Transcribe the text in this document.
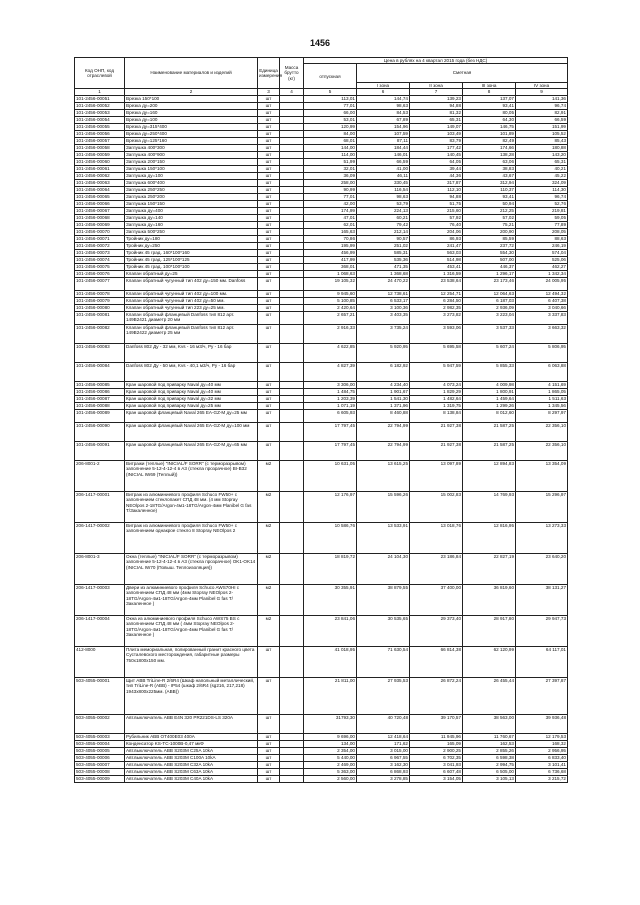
1456
Код ОНП, код отраслевой	Наименование материалов и изделий	Единица измерения	Масса брутто (кг)	Цена в рублях на 4 квартал 2015 года (без НДС)				
				отпускная	Сметная			
					I зона	II зона	III зона	IV зона
1	2	3	4	5	6	7	8	9
101-2456-00051	Врезка 150*100	шт		113,01	144,74	139,23	137,07	141,36
101-2456-00052	Врезка ду=200	шт		77,01	98,63	94,88	93,41	96,74
101-2456-00053	Врезка ду=160	шт		66,00	84,53	81,32	80,05	82,91
101-2456-00054	Врезка ду=100	шт		53,01	67,89	65,31	64,30	66,59
101-2456-00055	Врезка ду=315*400	шт		120,99	154,96	149,07	146,75	151,99
101-2456-00056	Врезка ду=250*400	шт		84,00	107,59	103,49	101,89	105,52
101-2456-00057	Врезка ду=125*160	шт		68,01	87,11	83,79	82,49	85,43
101-2456-00058	Заглушка 400*300	шт		144,00	184,44	177,42	174,66	180,88
101-2456-00059	Заглушка 400*900	шт		114,00	146,01	140,45	138,28	143,20
101-2456-00060	Заглушка 200*150	шт		51,99	66,59	64,05	63,06	65,31
101-2456-00061	Заглушка 150*100	шт		32,01	41,00	39,44	38,83	40,21
101-2456-00062	Заглушка ду=100	шт		36,09	46,11	44,36	43,67	45,22
101-2456-00063	Заглушка 600*400	шт		258,00	330,45	317,87	312,94	324,09
101-2456-00064	Заглушка 250*250	шт		90,99	116,54	112,10	110,37	114,30
101-2456-00065	Заглушка 250*200	шт		77,01	98,63	94,88	93,41	96,74
101-2456-00066	Заглушка 150*150	шт		42,00	53,79	51,75	50,94	52,76
101-2456-00067	Заглушка ду=400	шт		174,99	224,13	215,60	212,25	219,81
101-2456-00068	Заглушка ду=140	шт		47,01	60,21	57,92	57,02	59,05
101-2456-00069	Заглушка ду=160	шт		62,01	79,42	76,40	75,21	77,89
101-2456-00070	Заглушка 500*250	шт		165,63	212,14	204,06	200,90	208,05
101-2456-00071	Тройник ду=180	шт		70,86	90,57	86,93	85,59	88,63
101-2456-00072	Тройник ду=250	шт		195,99	251,02	241,47	237,72	246,19
101-2456-00073	Тройник 45 град. 160*100*160	шт		456,99	585,31	563,03	554,30	574,04
101-2456-00074	Тройник 45 град. 125*100*125	шт		417,99	535,36	514,98	507,00	525,06
101-2456-00075	Тройник 45 град. 100*100*100	шт		368,01	471,35	453,41	446,37	462,27
101-2456-00076	Клапан обратный ду=25	шт		1 068,63	1 368,68	1 316,59	1 296,17	1 342,34
101-2456-00077	Клапан обратный чугунный тип 402 ду=150 мм. Danfoss	шт		19 105,32	24 470,22	23 538,64	23 173,46	24 005,95
101-2456-00078	Клапан обратный чугунный тип 402 ду=100 мм.	шт		9 945,60	12 738,61	12 254,71	12 064,63	12 494,32
101-2456-00079	Клапан обратный чугунный тип 402 ду=50 мм.	шт		5 100,85	6 533,17	6 284,50	6 187,03	6 407,38
101-2456-00080	Клапан обратный чугунный тип 223 ду=25 мм.	шт		2 420,64	3 100,36	2 982,35	2 936,09	3 040,66
101-2456-00081	Клапан обратный фланцевый Danfoss тип 812 арт. 149B2421 диаметр 20 мм	шт		2 657,21	3 403,35	3 273,82	3 223,04	3 337,83
101-2456-00082	Клапан обратный фланцевый Danfoss тип 812 арт. 149B2422 диаметр 25 мм	шт		2 916,33	3 735,24	3 593,06	3 537,33	3 663,32
101-2456-00083	Danfoss 802 Ду - 32 мм, Kvs - 16 м3/ч, Ру - 16 бар	шт		4 622,85	5 920,95	5 695,58	5 607,24	5 806,95
101-2456-00084	Danfoss 802 Ду - 50 мм, Kvs - 40,1 м3/ч, Ру - 16 бар	шт		4 827,39	6 182,92	5 947,59	5 855,33	6 063,88
101-2456-00085	Кран шаровой под приварку Naval ду=40 мм	шт		3 306,00	4 234,40	4 073,24	4 009,98	4 151,69
101-2456-00086	Кран шаровой под приварку Naval ду=40 мм	шт		1 484,75	1 901,67	1 829,29	1 800,91	1 865,05
101-2456-00087	Кран шаровой под приварку Naval ду=32 мм	шт		1 203,39	1 541,30	1 482,64	1 459,64	1 511,63
101-2456-00088	Кран шаровой под приварку Naval ду=25 мм	шт		1 071,19	1 371,96	1 319,75	1 299,26	1 345,56
101-2456-00089	Кран шаровой фланцевый Naval 265 EA-GZ-M ду=25 мм	шт		6 605,93	8 460,88	8 138,84	8 012,60	8 297,97
101-2456-00090	Кран шаровой фланцевый Naval 265 EA-GZ-M ду=100 мм	шт		17 797,45	22 794,99	21 927,38	21 587,25	22 356,10
101-2456-00091	Кран шаровой фланцевый Naval 265 EA-GZ-M ду=65 мм	шт		17 797,45	22 794,99	21 927,38	21 587,25	22 356,10
206-8001-2	Витражи (теплые) "INICIAL/F SORR" (с терморазрывом) заполнение 5-12-4-12-4 в А3 (стекла прозрачное) BI-B32 (INICIAL IW69 (Теплый))	м2		10 631,05	13 615,25	13 097,89	12 894,83	13 354,09
206-1417-00001	Витраж из алюминиевого профиля Schuco FW50+ с заполнением стеклопакет СПД 48 мм. (4 мм Stopray NEOlpos 2-18TG/Argon-4м1-18TG/Argon-4мм Planibel G fas T/Закаленное)	м2		12 176,97	15 596,26	15 002,83	14 769,93	15 296,97
206-1417-00002	Витраж из алюминиевого профиля Schuco FW50+ с заполнением однакрое стекло 8 Stopray NEOlpos 2	м2		10 586,76	13 533,91	13 018,76	12 816,95	13 273,33
206-8001-3	Окна (теплые) "INICIAL/F SORR" (с терморазрывом) заполнение 5-12-4-12-4 в А3 (стекла прозрачное) OK1-OK14 (INICIAL IW70 (Повыш. Теплоизоляция))	м2		18 819,72	24 104,30	23 186,84	22 827,19	23 640,20
206-1417-00003	Двери из алюминиевого профиля Schuco AWS70HI с заполнением СПД 48 мм (4мм Stopray NEOlpos 2-18TG/Argon-4м1-18TG/Argon-4мм Planibel G fas T/Закаленное )	м2		30 355,91	38 879,55	37 400,00	36 819,60	38 131,27
206-1417-00004	Окна из алюминиевого профиля Schuco AWS75 BS с заполнением СПД 48 мм ( 4мм Stopray NEOlpos 2-18TG/Argon-4м1-18TG/Argon-4мм Planibel G fas T/Закаленное )	м2		23 841,06	30 535,65	29 373,40	28 917,80	29 947,73
412-8000	Плита мемориальная, полированный гранит красного цвета Сусталевского месторождения, габаритные размеры 750х1800х150 мм.	шт		41 018,95	71 630,54	66 814,38	62 120,99	64 117,01
503-4055-00001	Щит ABB TriLine-R 2/6R4 (Шкаф напольный металлический, тип TriLine-R (ABB) - IP54 (шкаф 2/6R4 (sg216, 217,218) 1943х800х225мм. (ABB))	шт		21 811,00	27 935,53	26 872,24	26 455,44	27 397,87
503-4055-00002	Авт.выключатель ABB E4N 320 PR221DS-LS 320A	шт		31793,30	40 720,48	39 170,57	38 563,00	39 936,48
503-4055-00003	Рубильник ABB OT400E03 400A	шт		9 696,00	12 418,64	11 945,96	11 760,67	12 179,53
503-4055-00004	Конденсатор KS-TC-1000B-0,47 мкФ	шт		134,00	171,62	165,09	162,53	168,32
503-4055-00005	Авт.выключатель ABB S203M C25A 10kA	шт		2 354,00	3 015,00	2 900,25	2 855,26	2 956,95
503-4055-00006	Авт.выключатель ABB S203M C100A 10kA	шт		5 440,00	6 967,55	6 702,35	6 598,38	6 833,40
503-4055-00007	Авт.выключатель ABB S203M C32A 10kA	шт		2 469,00	3 162,30	3 041,93	2 994,75	3 101,41
503-4055-00008	Авт.выключатель ABB S203M C63A 10kA	шт		5 363,00	6 868,93	6 607,48	6 505,00	6 736,68
503-4055-00009	Авт.выключатель ABB S203M C40A 10kA	шт		2 560,00	3 278,85	3 154,05	3 105,13	3 215,72
